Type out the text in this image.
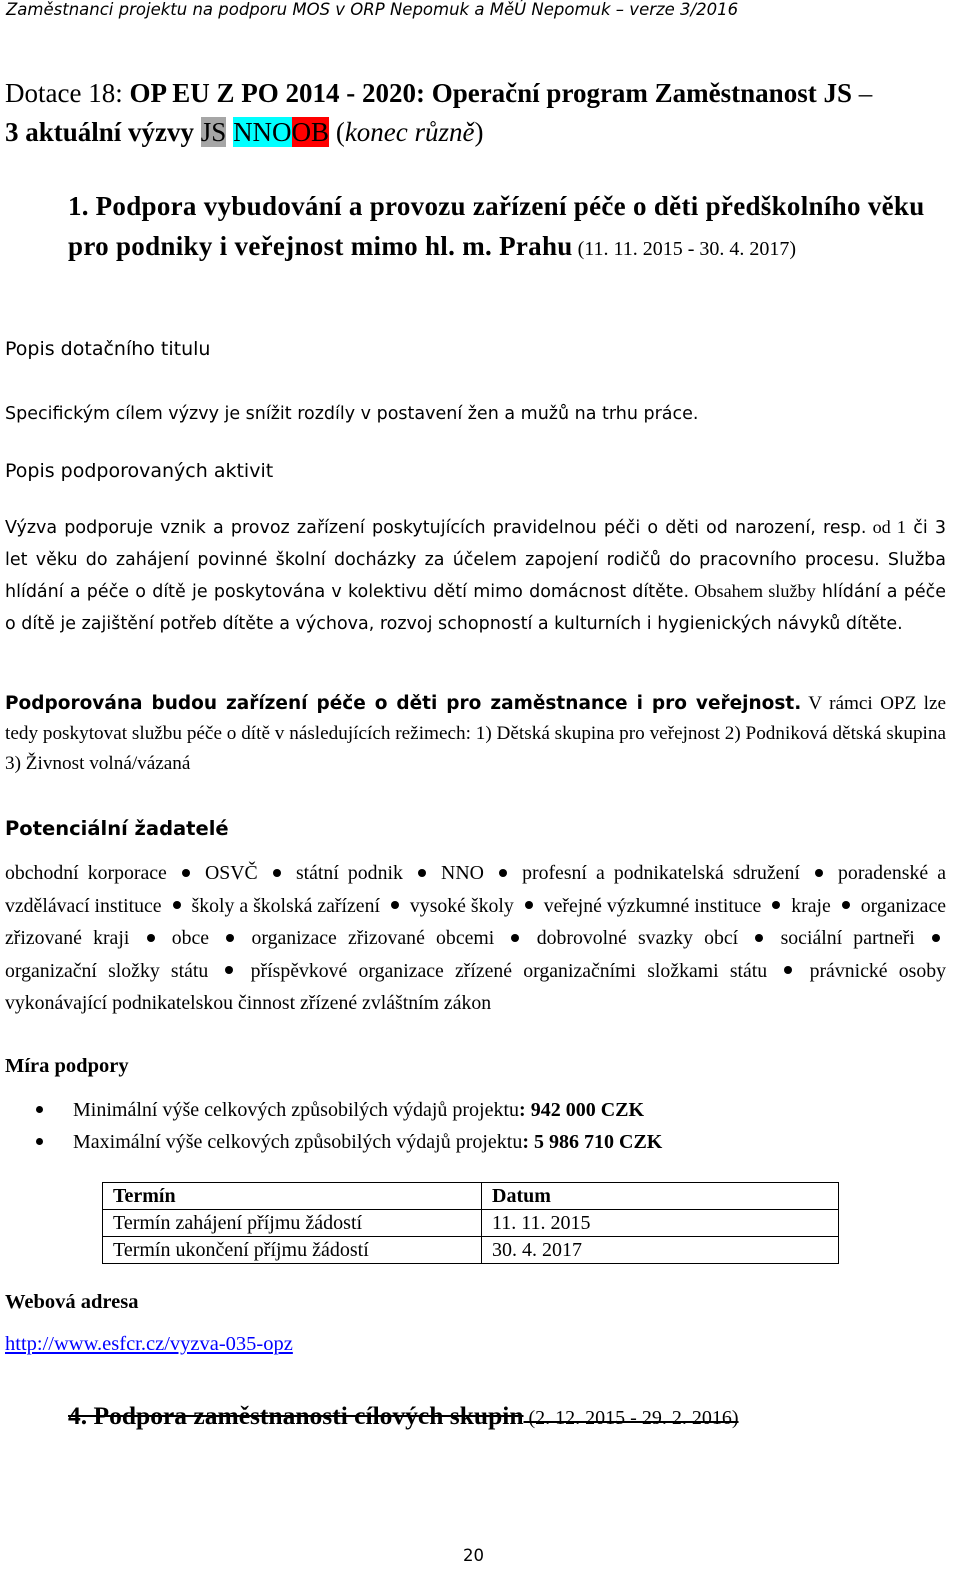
Zaměstnanci projektu na podporu MOS v ORP Nepomuk a MěÚ Nepomuk – verze 3/2016
Dotace 18: OP EU Z PO 2014 - 2020: Operační program Zaměstnanost JS –
3 aktuální výzvy JS NNOOB (konec různě)
1. Podpora vybudování a provozu zařízení péče o děti předškolního věku pro podniky i veřejnost mimo hl. m. Prahu (11. 11. 2015 - 30. 4. 2017)
Popis dotačního titulu
Specifickým cílem výzvy je snížit rozdíly v postavení žen a mužů na trhu práce.
Popis podporovaných aktivit
Výzva podporuje vznik a provoz zařízení poskytujících pravidelnou péči o děti od narození, resp. od 1 či 3 let věku do zahájení povinné školní docházky za účelem zapojení rodičů do pracovního procesu. Služba hlídání a péče o dítě je poskytována v kolektivu dětí mimo domácnost dítěte. Obsahem služby hlídání a péče o dítě je zajištění potřeb dítěte a výchova, rozvoj schopností a kulturních i hygienických návyků dítěte.
Podporována budou zařízení péče o děti pro zaměstnance i pro veřejnost. V rámci OPZ lze tedy poskytovat službu péče o dítě v následujících režimech: 1) Dětská skupina pro veřejnost 2) Podniková dětská skupina 3) Živnost volná/vázaná
Potenciální žadatelé
obchodní korporace OSVČ státní podnik NNO profesní a podnikatelská sdružení poradenské a vzdělávací instituce školy a školská zařízení vysoké školy veřejné výzkumné instituce kraje organizace zřizované kraji obce organizace zřizované obcemi dobrovolné svazky obcí sociální partneři  organizační složky státu příspěvkové organizace zřízené organizačními složkami státu právnické osoby vykonávající podnikatelskou činnost zřízené zvláštním zákon
Míra podpory
Minimální výše celkových způsobilých výdajů projektu: 942 000 CZK
Maximální výše celkových způsobilých výdajů projektu: 5 986 710 CZK
Termín	Datum
Termín zahájení příjmu žádostí	11. 11. 2015
Termín ukončení příjmu žádostí	30. 4. 2017
Webová adresa
http://www.esfcr.cz/vyzva-035-opz
4. Podpora zaměstnanosti cílových skupin (2. 12. 2015 - 29. 2. 2016)
20
